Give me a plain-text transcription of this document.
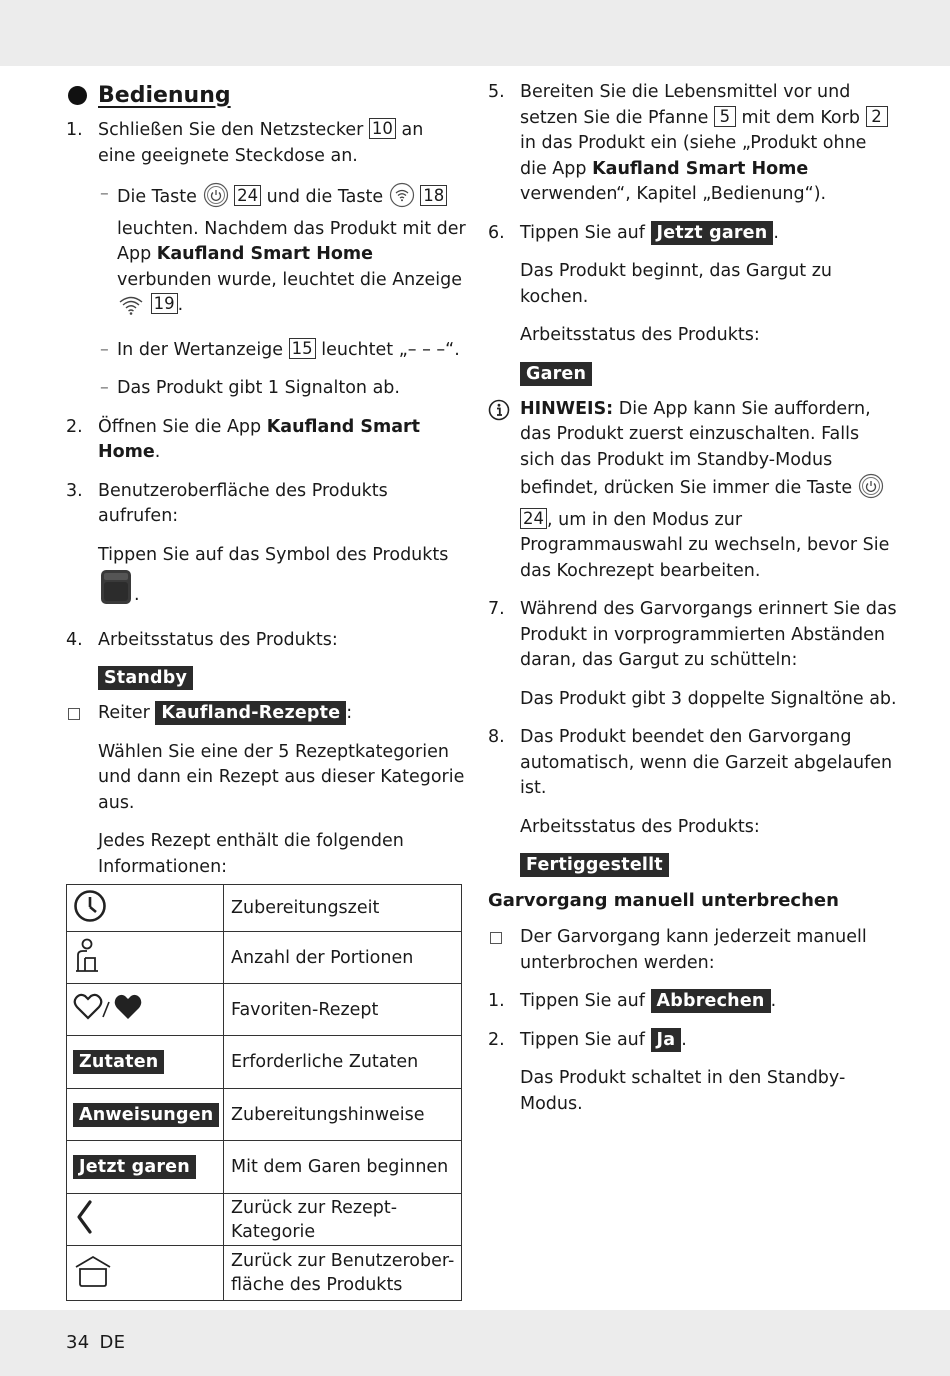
Bedienung
1. Schließen Sie den Netzstecker 10 an eine geeignete Steckdose an.

– Die Taste 24 und die Taste 18 leuchten. Nachdem das Produkt mit der App Kaufland Smart Home verbunden wurde, leuchtet die Anzeige
19 .

– In der Wertanzeige 15 leuchtet „– – –“.

– Das Produkt gibt 1 Signalton ab.

2. Öffnen Sie die App Kaufland Smart Home.

3. Benutzeroberfläche des Produkts aufrufen:

Tippen Sie auf das Symbol des Produkts .

4. Arbeitsstatus des Produkts:

Standby

Reiter Kaufland-Rezepte :

Wählen Sie eine der 5 Rezeptkategorien und dann ein Rezept aus dieser Kategorie aus.

Jedes Rezept enthält die folgenden Informationen:

	Zubereitungszeit
	Anzahl der Portionen
	Favoriten-Rezept
Zutaten	Erforderliche Zutaten
Anweisungen	Zubereitungshinweise
Jetzt garen	Mit dem Garen beginnen
	Zurück zur Rezept-Kategorie
	Zurück zur Benutzerober-fläche des Produkts
5. Bereiten Sie die Lebensmittel vor und setzen Sie die Pfanne 5 mit dem Korb 2 in das Produkt ein (siehe „Produkt ohne die App Kaufland Smart Home verwenden“, Kapitel „Bedienung“).

6. Tippen Sie auf Jetzt garen .

Das Produkt beginnt, das Gargut zu kochen.

Arbeitsstatus des Produkts:

Garen

HINWEIS: Die App kann Sie auffordern, das Produkt zuerst einzuschalten. Falls sich das Produkt im Standby-Modus befindet, drücken Sie immer die Taste  24 , um in den Modus zur Programmauswahl zu wechseln, bevor Sie das Kochrezept bearbeiten.

7. Während des Garvorgangs erinnert Sie das Produkt in vorprogrammierten Abständen daran, das Gargut zu schütteln:

Das Produkt gibt 3 doppelte Signaltöne ab.

8. Das Produkt beendet den Garvorgang automatisch, wenn die Garzeit abgelaufen ist.

Arbeitsstatus des Produkts:

Fertiggestellt
Garvorgang manuell unterbrechen

Der Garvorgang kann jederzeit manuell unterbrochen werden:

1. Tippen Sie auf Abbrechen .

2. Tippen Sie auf Ja .

Das Produkt schaltet in den Standby-Modus.

34 DE
